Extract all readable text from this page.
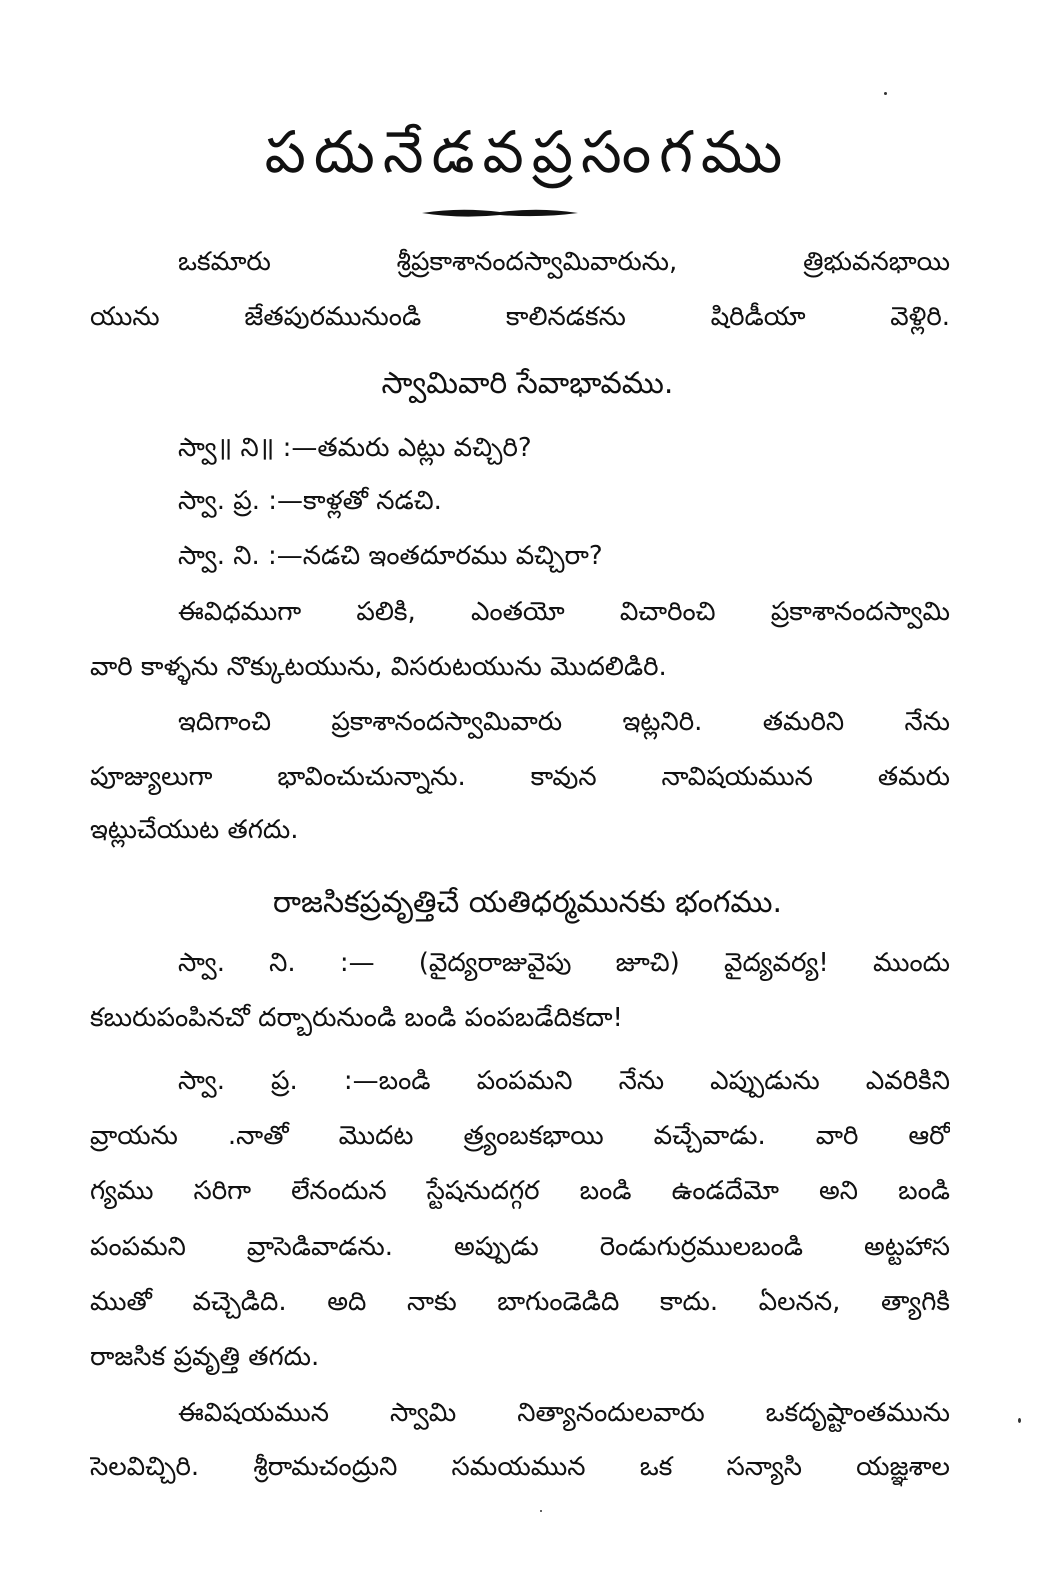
పదునేడవప్రసంగము
ఒకమారు శ్రీప్రకాశానందస్వామివారును, త్రిభువనభాయి
యును జేతపురమునుండి కాలినడకను షిరిడీయా వెళ్లిరి.
స్వామివారి సేవాభావము.
స్వా॥ ని॥ :—తమరు ఎట్లు వచ్చిరి?
స్వా. ప్ర. :—కాళ్లతో నడచి.
స్వా. ని. :—నడచి ఇంతదూరము వచ్చిరా?
ఈవిధముగా పలికి, ఎంతయో విచారించి ప్రకాశానందస్వామి
వారి కాళ్ళను నొక్కుటయును, విసరుటయును మొదలిడిరి.
ఇదిగాంచి ప్రకాశానందస్వామివారు ఇట్లనిరి. తమరిని నేను
పూజ్యులుగా భావించుచున్నాను. కావున నావిషయమున తమరు
ఇట్లుచేయుట తగదు.
రాజసికప్రవృత్తిచే యతిధర్మమునకు భంగము.
స్వా. ని. :— (వైద్యరాజువైపు జూచి) వైద్యవర్య! ముందు
కబురుపంపినచో దర్బారునుండి బండి పంపబడేదికదా!
స్వా. ప్ర. :—బండి పంపమని నేను ఎప్పుడును ఎవరికిని
వ్రాయను .నాతో మొదట త్ర్యంబకభాయి వచ్చేవాడు. వారి ఆరో
గ్యము సరిగా లేనందున స్టేషనుదగ్గర బండి ఉండదేమో అని బండి
పంపమని వ్రాసెడివాడను. అప్పుడు రెండుగుర్రములబండి అట్టహాస
ముతో వచ్చెడిది. అది నాకు బాగుండెడిది కాదు. ఏలనన, త్యాగికి
రాజసిక ప్రవృత్తి తగదు.
ఈవిషయమున స్వామి నిత్యానందులవారు ఒకదృష్టాంతమును
సెలవిచ్చిరి. శ్రీరామచంద్రుని సమయమున ఒక సన్యాసి యజ్ఞశాల
